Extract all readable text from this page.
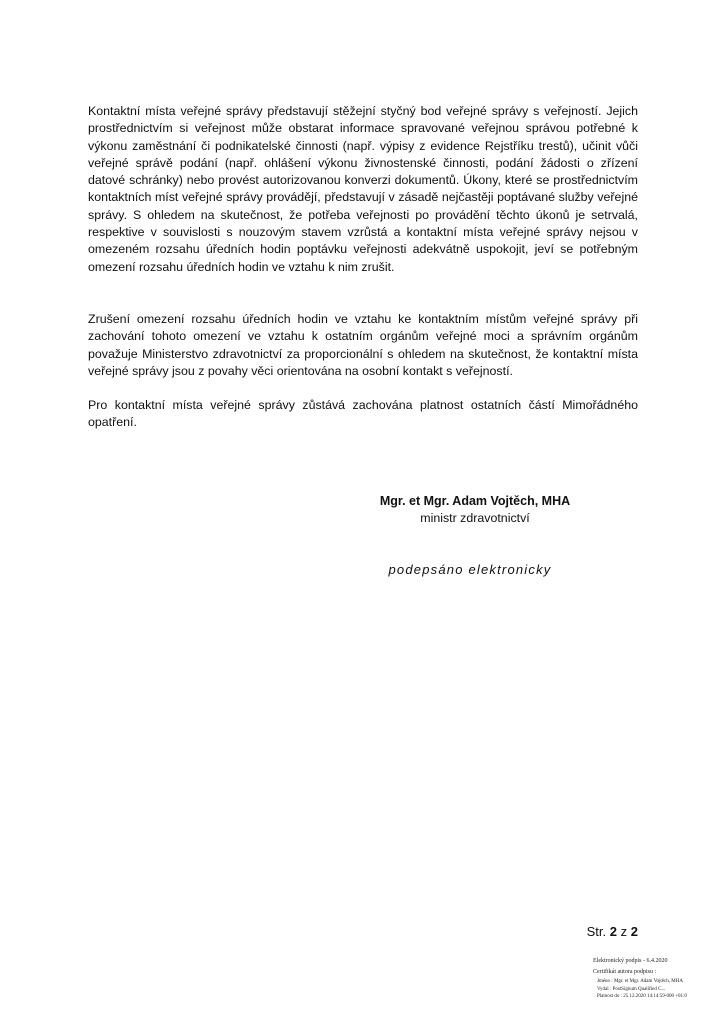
Kontaktní místa veřejné správy představují stěžejní styčný bod veřejné správy s veřejností. Jejich prostřednictvím si veřejnost může obstarat informace spravované veřejnou správou potřebné k výkonu zaměstnání či podnikatelské činnosti (např. výpisy z evidence Rejstříku trestů), učinit vůči veřejné správě podání (např. ohlášení výkonu živnostenské činnosti, podání žádosti o zřízení datové schránky) nebo provést autorizovanou konverzi dokumentů. Úkony, které se prostřednictvím kontaktních míst veřejné správy provádějí, představují v zásadě nejčastěji poptávané služby veřejné správy. S ohledem na skutečnost, že potřeba veřejnosti po provádění těchto úkonů je setrvalá, respektive v souvislosti s nouzovým stavem vzrůstá a kontaktní místa veřejné správy nejsou v omezeném rozsahu úředních hodin poptávku veřejnosti adekvátně uspokojit, jeví se potřebným omezení rozsahu úředních hodin ve vztahu k nim zrušit.

Zrušení omezení rozsahu úředních hodin ve vztahu ke kontaktním místům veřejné správy při zachování tohoto omezení ve vztahu k ostatním orgánům veřejné moci a správním orgánům považuje Ministerstvo zdravotnictví za proporcionální s ohledem na skutečnost, že kontaktní místa veřejné správy jsou z povahy věci orientována na osobní kontakt s veřejností.

Pro kontaktní místa veřejné správy zůstává zachována platnost ostatních částí Mimořádného opatření.

Mgr. et Mgr. Adam Vojtěch, MHA
ministr zdravotnictví
podepsáno elektronicky
Str. 2 z 2
Elektronický podpis - 6.4.2020
Certifikát autora podpisu :
Jméno : Mgr. et Mgr. Adam Vojtěch, MHA
Vydal : PostSignum Qualified C...
Platnost do : 25.12.2020 14:14:59-000 +01:0
